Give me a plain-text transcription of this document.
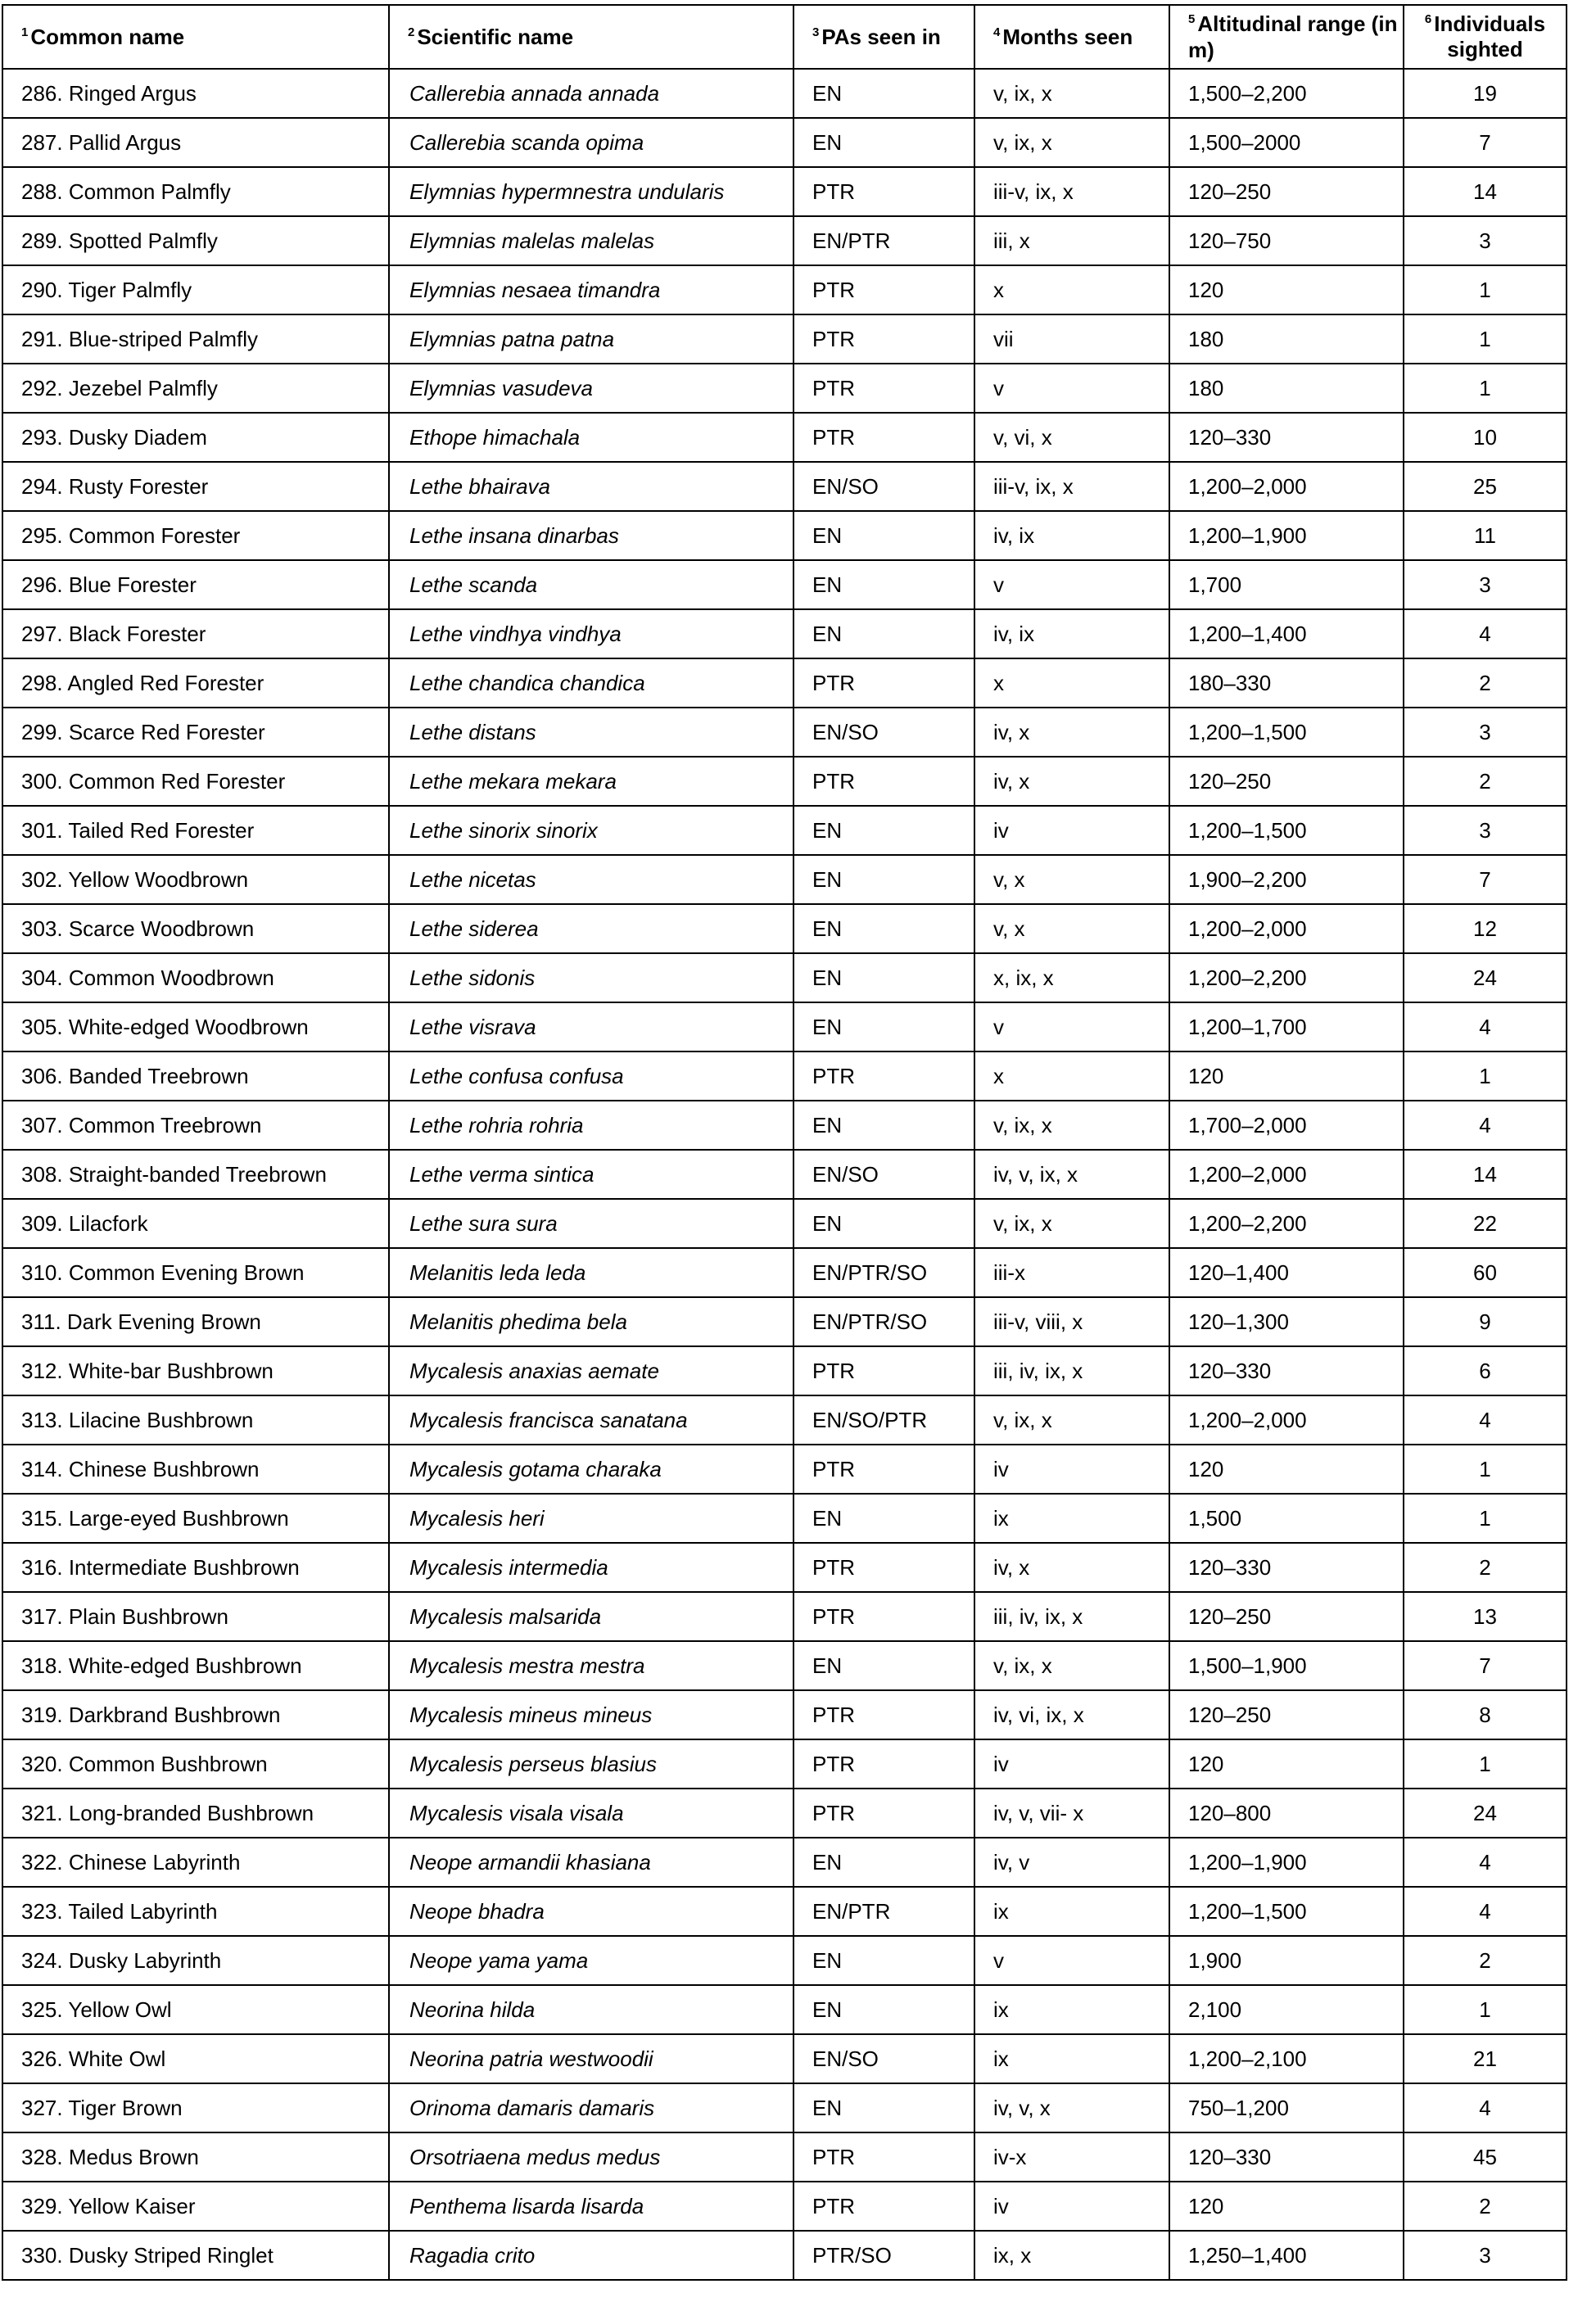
$^1$ Common name	$^2$ Scientific name	$^3$ PAs seen in	$^4$ Months seen	$^5$ Altitudinal range (in m)	$^6$ Individuals sighted
286. Ringed Argus	Callerebia annada annada	EN	v, ix, x	1,500–2,200	19
287. Pallid Argus	Callerebia scanda opima	EN	v, ix, x	1,500–2000	7
288. Common Palmfly	Elymnias hypermnestra undularis	PTR	iii-v, ix, x	120–250	14
289. Spotted Palmfly	Elymnias malelas malelas	EN/PTR	iii, x	120–750	3
290. Tiger Palmfly	Elymnias nesaea timandra	PTR	x	120	1
291. Blue-striped Palmfly	Elymnias patna patna	PTR	vii	180	1
292. Jezebel Palmfly	Elymnias vasudeva	PTR	v	180	1
293. Dusky Diadem	Ethope himachala	PTR	v, vi, x	120–330	10
294. Rusty Forester	Lethe bhairava	EN/SO	iii-v, ix, x	1,200–2,000	25
295. Common Forester	Lethe insana dinarbas	EN	iv, ix	1,200–1,900	11
296. Blue Forester	Lethe scanda	EN	v	1,700	3
297. Black Forester	Lethe vindhya vindhya	EN	iv, ix	1,200–1,400	4
298. Angled Red Forester	Lethe chandica chandica	PTR	x	180–330	2
299. Scarce Red Forester	Lethe distans	EN/SO	iv, x	1,200–1,500	3
300. Common Red Forester	Lethe mekara mekara	PTR	iv, x	120–250	2
301. Tailed Red Forester	Lethe sinorix sinorix	EN	iv	1,200–1,500	3
302. Yellow Woodbrown	Lethe nicetas	EN	v, x	1,900–2,200	7
303. Scarce Woodbrown	Lethe siderea	EN	v, x	1,200–2,000	12
304. Common Woodbrown	Lethe sidonis	EN	x, ix, x	1,200–2,200	24
305. White-edged Woodbrown	Lethe visrava	EN	v	1,200–1,700	4
306. Banded Treebrown	Lethe confusa confusa	PTR	x	120	1
307. Common Treebrown	Lethe rohria rohria	EN	v, ix, x	1,700–2,000	4
308. Straight-banded Treebrown	Lethe verma sintica	EN/SO	iv, v, ix, x	1,200–2,000	14
309. Lilacfork	Lethe sura sura	EN	v, ix, x	1,200–2,200	22
310. Common Evening Brown	Melanitis leda leda	EN/PTR/SO	iii-x	120–1,400	60
311. Dark Evening Brown	Melanitis phedima bela	EN/PTR/SO	iii-v, viii, x	120–1,300	9
312. White-bar Bushbrown	Mycalesis anaxias aemate	PTR	iii, iv, ix, x	120–330	6
313. Lilacine Bushbrown	Mycalesis francisca sanatana	EN/SO/PTR	v, ix, x	1,200–2,000	4
314. Chinese Bushbrown	Mycalesis gotama charaka	PTR	iv	120	1
315. Large-eyed Bushbrown	Mycalesis heri	EN	ix	1,500	1
316. Intermediate Bushbrown	Mycalesis intermedia	PTR	iv, x	120–330	2
317. Plain Bushbrown	Mycalesis malsarida	PTR	iii, iv, ix, x	120–250	13
318. White-edged Bushbrown	Mycalesis mestra mestra	EN	v, ix, x	1,500–1,900	7
319. Darkbrand Bushbrown	Mycalesis mineus mineus	PTR	iv, vi, ix, x	120–250	8
320. Common Bushbrown	Mycalesis perseus blasius	PTR	iv	120	1
321. Long-branded Bushbrown	Mycalesis visala visala	PTR	iv, v, vii- x	120–800	24
322. Chinese Labyrinth	Neope armandii khasiana	EN	iv, v	1,200–1,900	4
323. Tailed Labyrinth	Neope bhadra	EN/PTR	ix	1,200–1,500	4
324. Dusky Labyrinth	Neope yama yama	EN	v	1,900	2
325. Yellow Owl	Neorina hilda	EN	ix	2,100	1
326. White Owl	Neorina patria westwoodii	EN/SO	ix	1,200–2,100	21
327. Tiger Brown	Orinoma damaris damaris	EN	iv, v, x	750–1,200	4
328. Medus Brown	Orsotriaena medus medus	PTR	iv-x	120–330	45
329. Yellow Kaiser	Penthema lisarda lisarda	PTR	iv	120	2
330. Dusky Striped Ringlet	Ragadia crito	PTR/SO	ix, x	1,250–1,400	3
